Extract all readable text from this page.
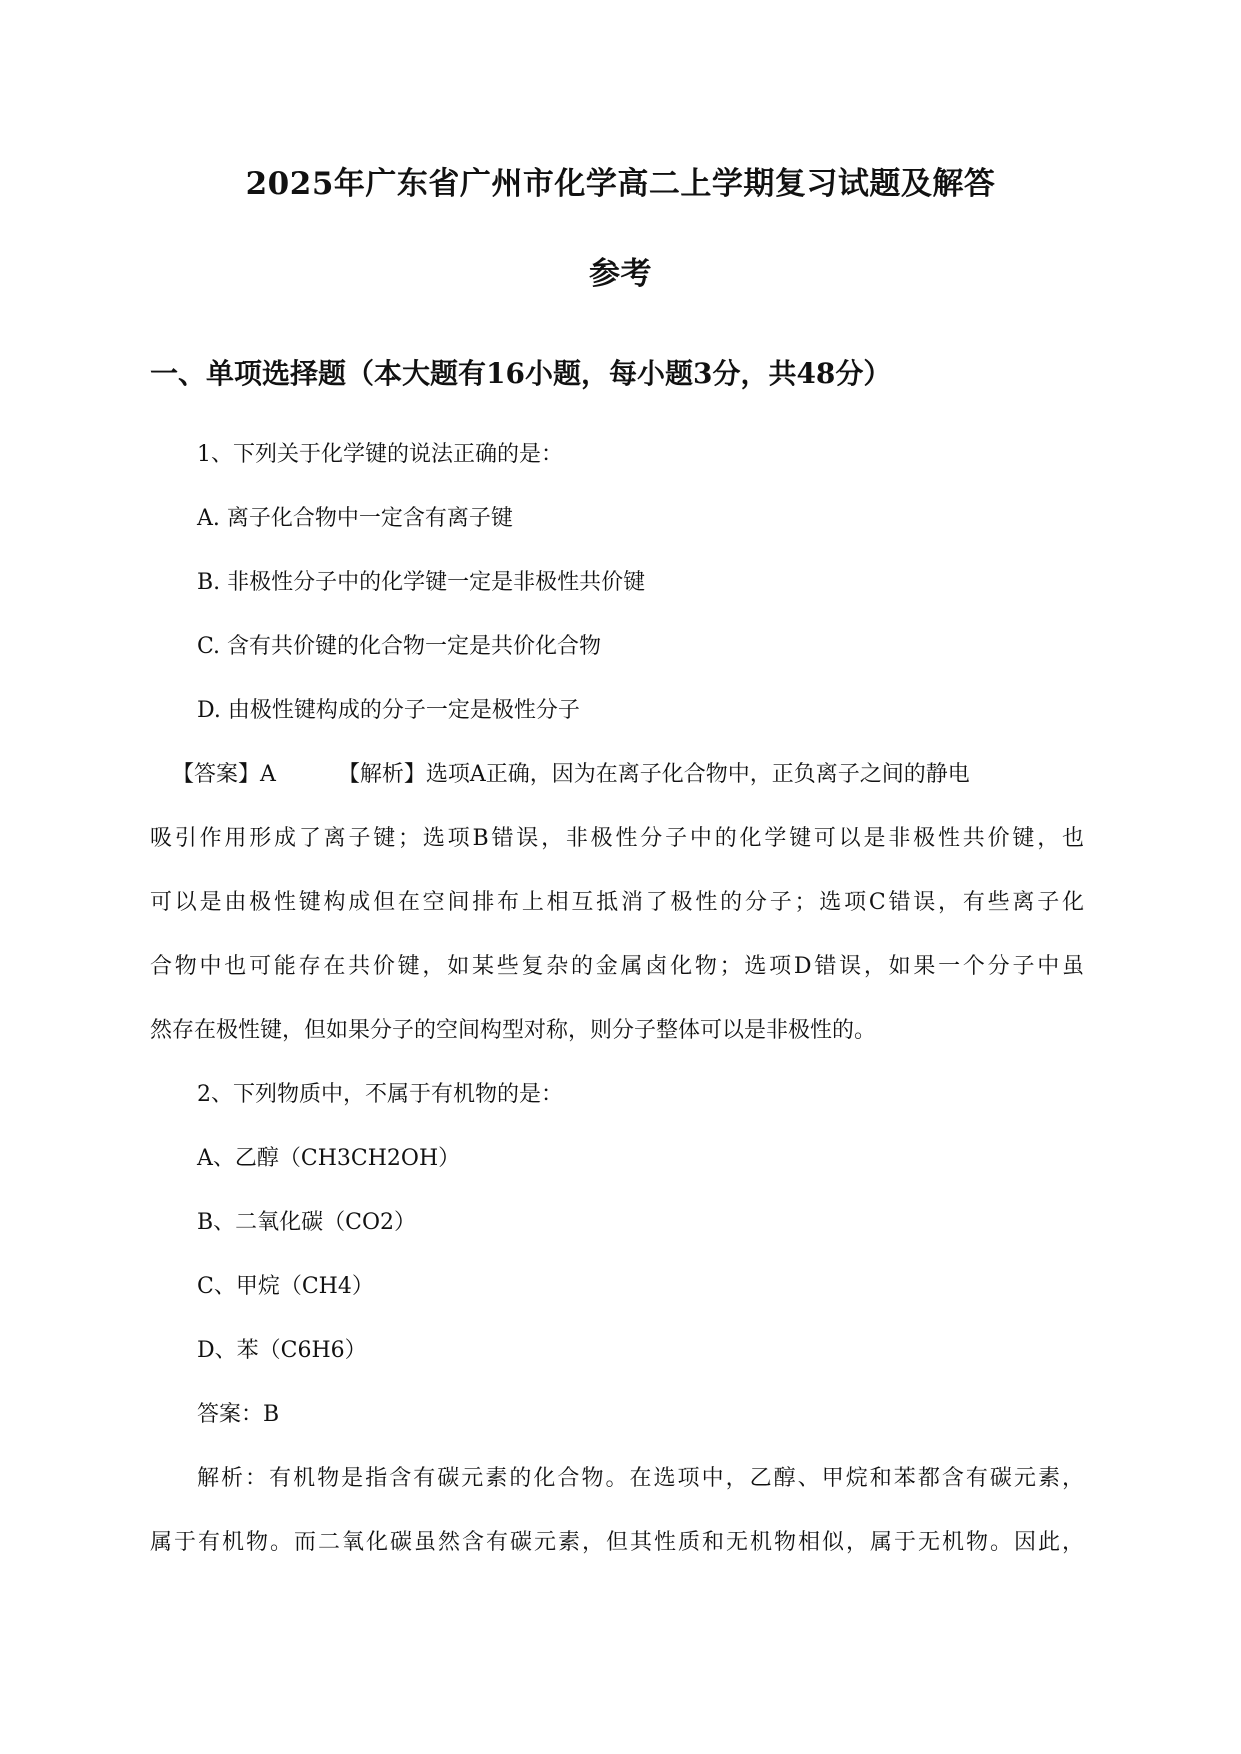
2025年广东省广州市化学高二上学期复习试题及解答
参考
一、单项选择题（本大题有16小题，每小题3分，共48分）
1、下列关于化学键的说法正确的是：
A. 离子化合物中一定含有离子键
B. 非极性分子中的化学键一定是非极性共价键
C. 含有共价键的化合物一定是共价化合物
D. 由极性键构成的分子一定是极性分子
【答案】A	【解析】选项A正确，因为在离子化合物中，正负离子之间的静电
吸引作用形成了离子键；选项B错误，非极性分子中的化学键可以是非极性共价键，也
可以是由极性键构成但在空间排布上相互抵消了极性的分子；选项C错误，有些离子化
合物中也可能存在共价键，如某些复杂的金属卤化物；选项D错误，如果一个分子中虽
然存在极性键，但如果分子的空间构型对称，则分子整体可以是非极性的。
2、下列物质中，不属于有机物的是：
A、乙醇（CH3CH2OH）
B、二氧化碳（CO2）
C、甲烷（CH4）
D、苯（C6H6）
答案：B
解析：有机物是指含有碳元素的化合物。在选项中，乙醇、甲烷和苯都含有碳元素，
属于有机物。而二氧化碳虽然含有碳元素，但其性质和无机物相似，属于无机物。因此，
